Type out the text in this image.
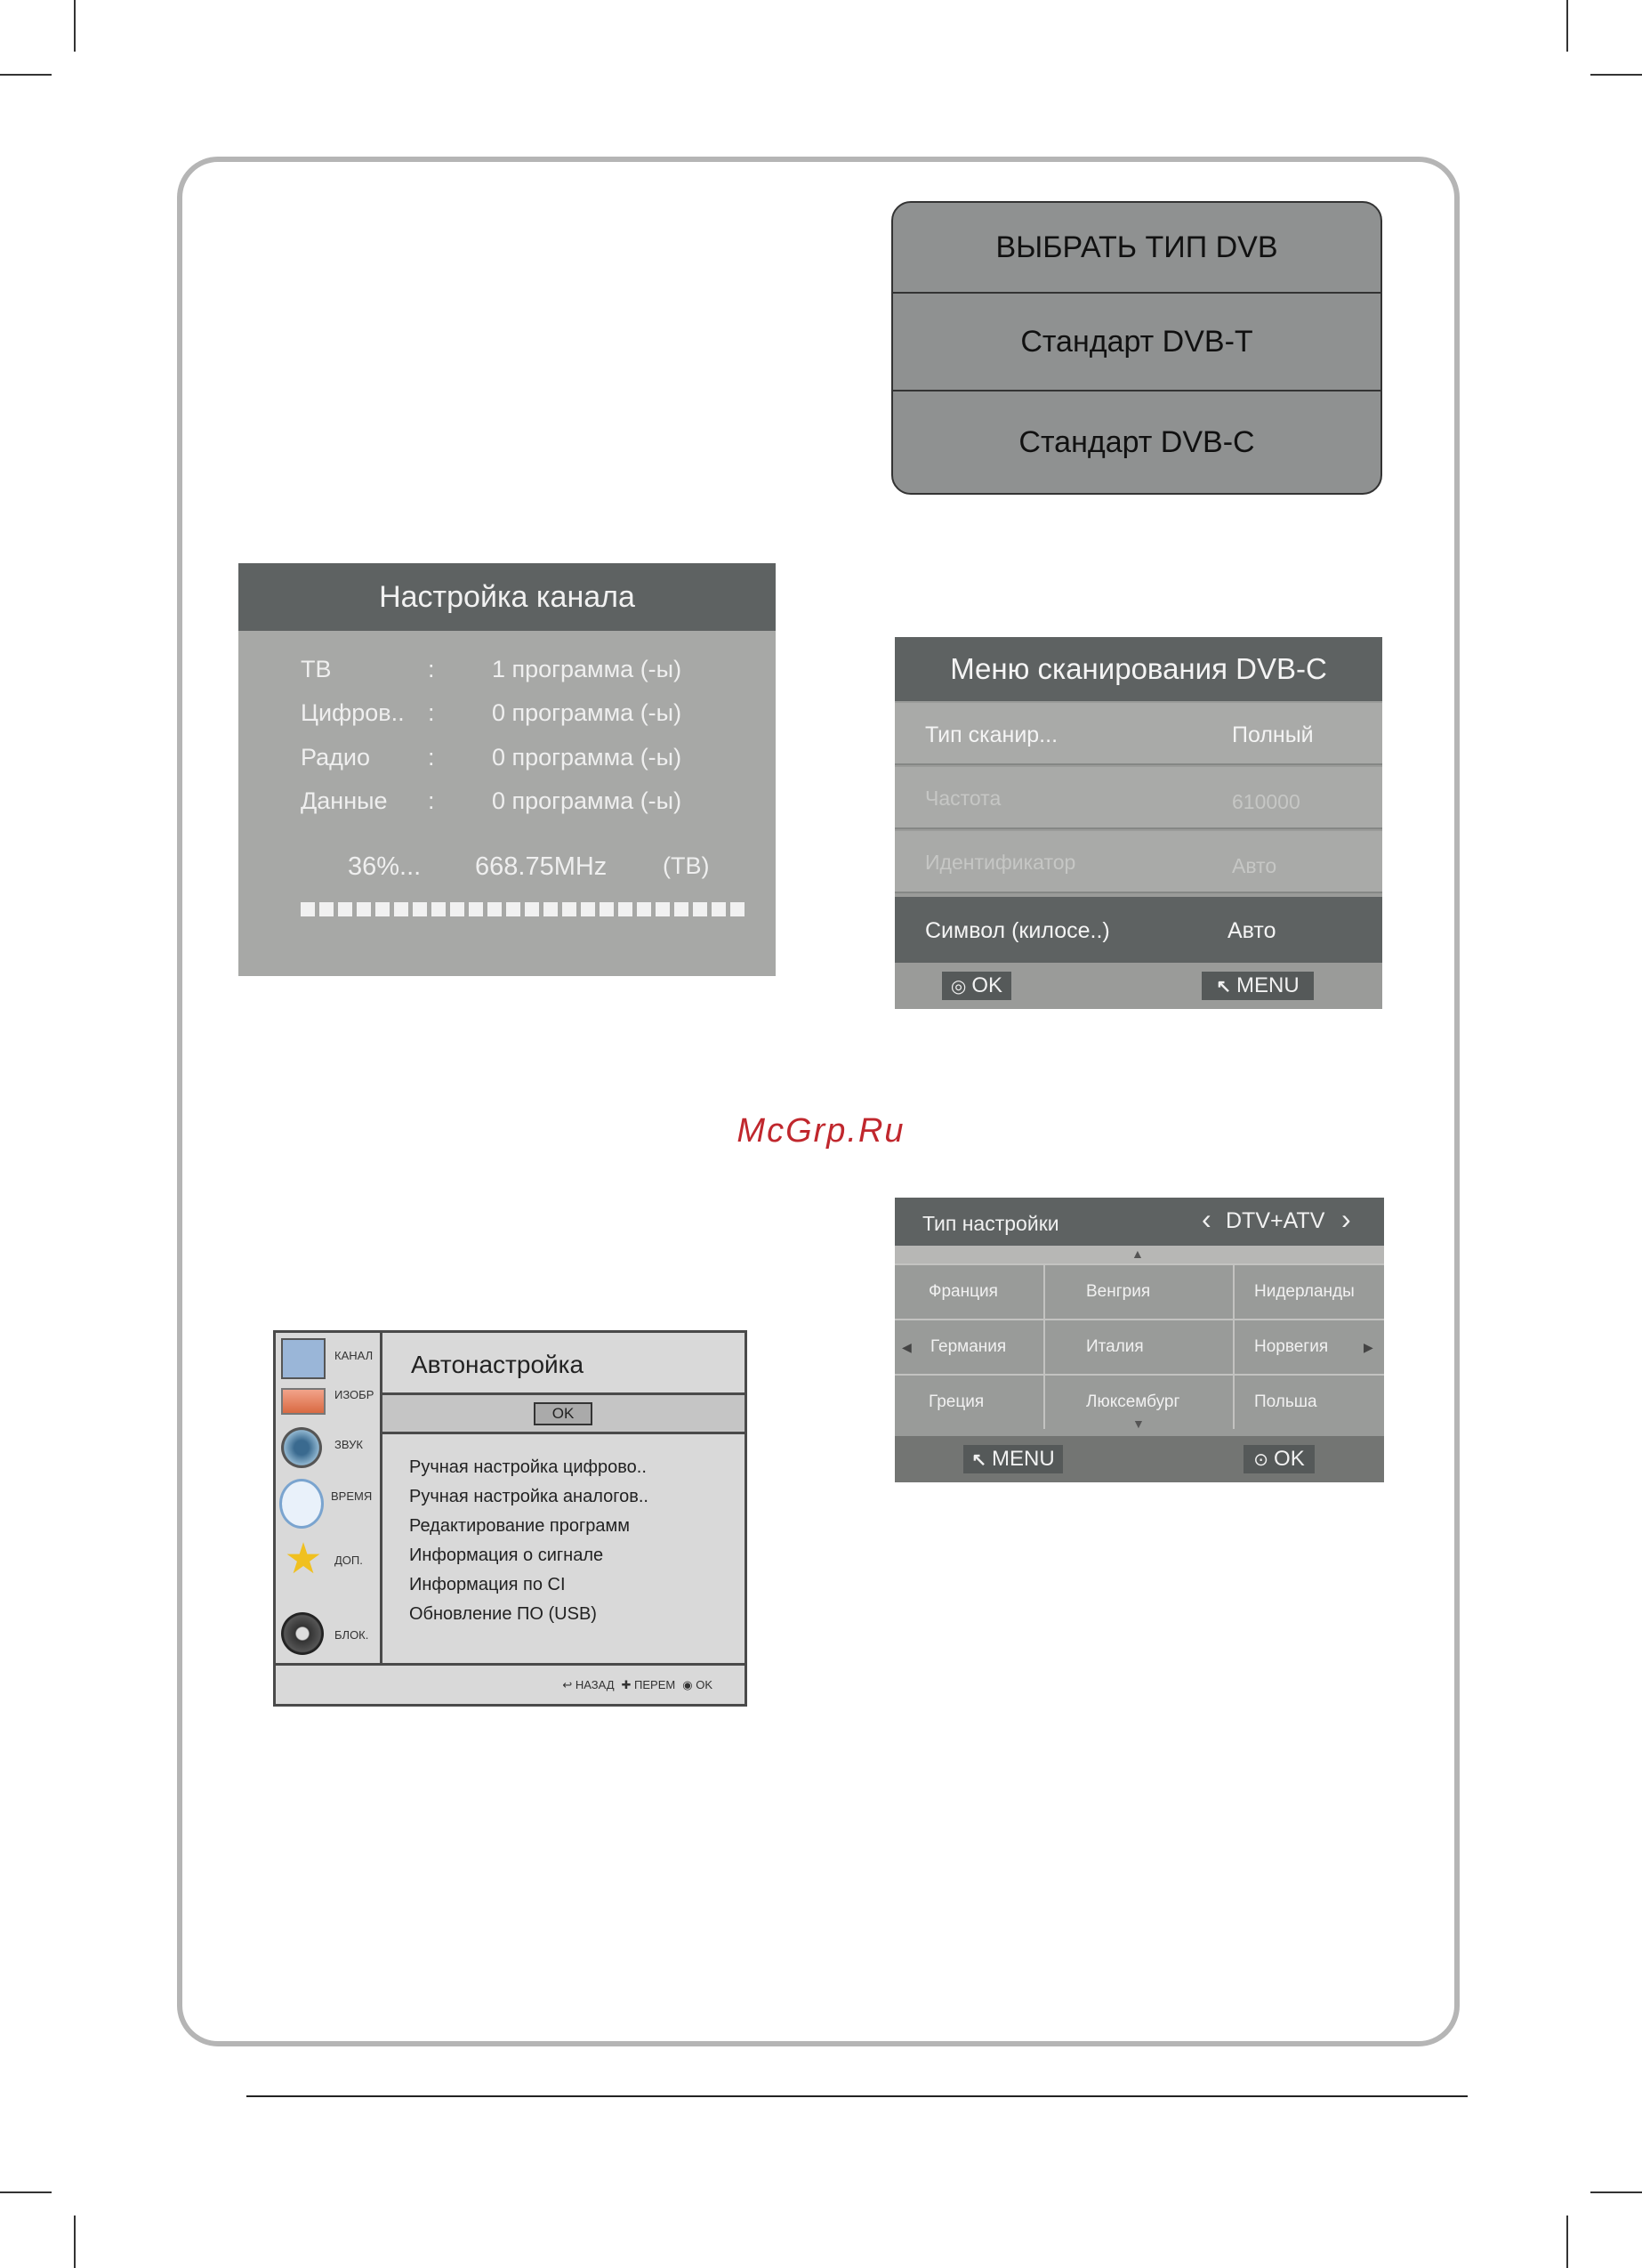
ВЫБРАТЬ ТИП DVB
Стандарт DVB-T
Стандарт DVB-C
Настройка канала
ТВ	: 1 программа (-ы)
Цифров.. : 0 программа (-ы)
Радио : 0 программа (-ы)
Данные : 0 программа (-ы)
36%... 668.75MHz (ТВ)
Меню сканирования DVB-C
Тип сканир...	Полный
Частота	610000
Идентификатор	Авто
Символ (килосе..)	Авто
◎ OK	↖ MENU
McGrp.Ru
КАНАЛ
ИЗОБР
ЗВУК
ВРЕМЯ
★ ДОП.
БЛОК.
Автонастройка
OK
Ручная настройка цифрово..
Ручная настройка аналогов..
Редактирование программ
Информация о сигнале
Информация по CI
Обновление ПО (USB)
↩ НАЗАД ✚ ПЕРЕМ ◉ OK
Тип настройки	‹ DTV+ATV ›
▲
◀	▶
▼
Франция	Венгрия	Нидерланды
Германия	Италия	Норвегия
Греция	Люксембург	Польша
↖ MENU	⊙ OK
